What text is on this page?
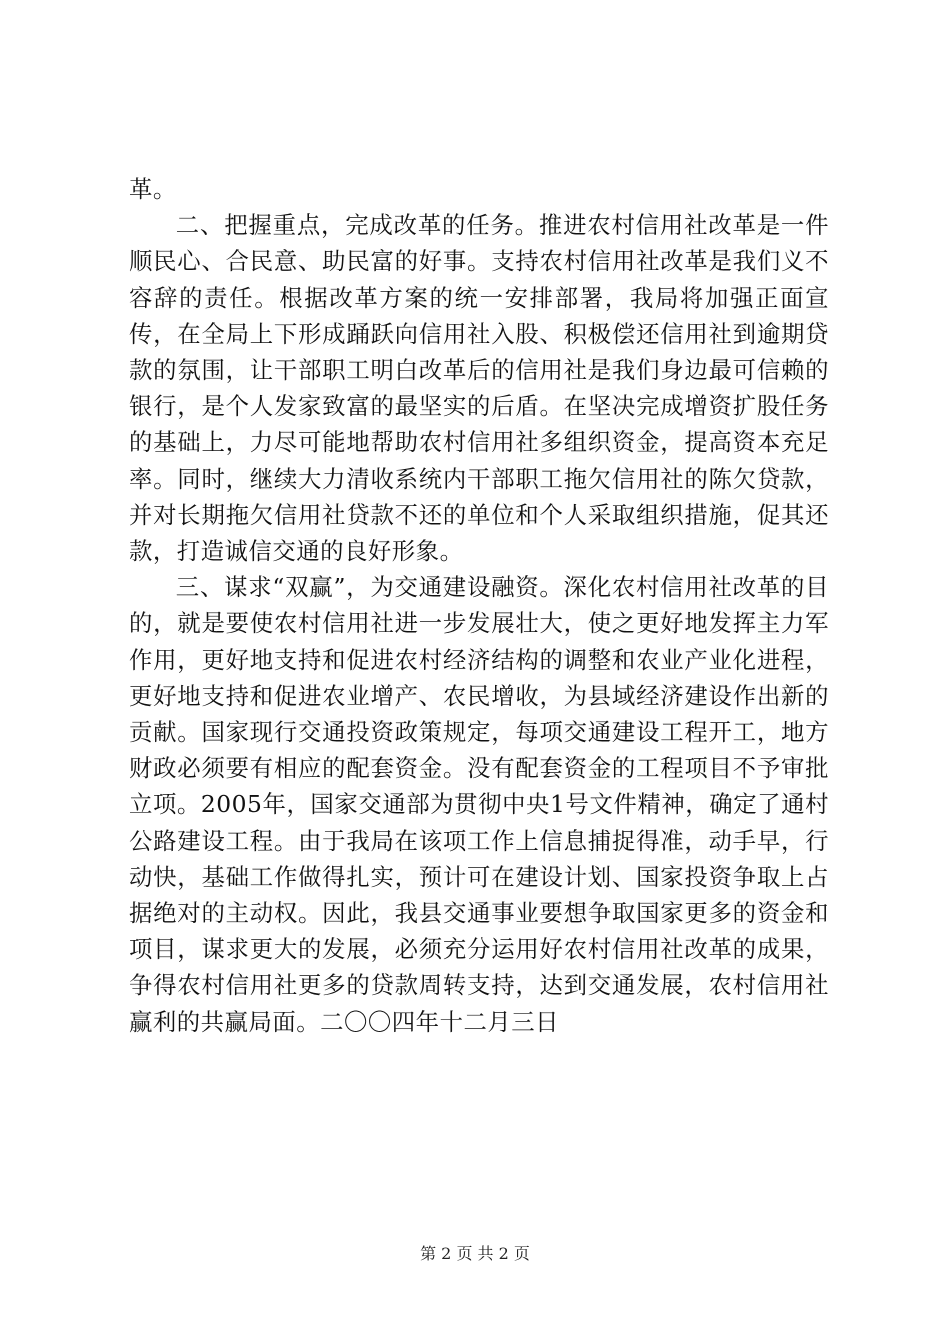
革。

二、把握重点，完成改革的任务。推进农村信用社改革是一件顺民心、合民意、助民富的好事。支持农村信用社改革是我们义不容辞的责任。根据改革方案的统一安排部署，我局将加强正面宣传，在全局上下形成踊跃向信用社入股、积极偿还信用社到逾期贷款的氛围，让干部职工明白改革后的信用社是我们身边最可信赖的银行，是个人发家致富的最坚实的后盾。在坚决完成增资扩股任务的基础上，力尽可能地帮助农村信用社多组织资金，提高资本充足率。同时，继续大力清收系统内干部职工拖欠信用社的陈欠贷款，并对长期拖欠信用社贷款不还的单位和个人采取组织措施，促其还款，打造诚信交通的良好形象。

三、谋求“双赢”，为交通建设融资。深化农村信用社改革的目的，就是要使农村信用社进一步发展壮大，使之更好地发挥主力军作用，更好地支持和促进农村经济结构的调整和农业产业化进程，更好地支持和促进农业增产、农民增收，为县域经济建设作出新的贡献。国家现行交通投资政策规定，每项交通建设工程开工，地方财政必须要有相应的配套资金。没有配套资金的工程项目不予审批立项。2005年，国家交通部为贯彻中央1号文件精神，确定了通村公路建设工程。由于我局在该项工作上信息捕捉得准，动手早，行动快，基础工作做得扎实，预计可在建设计划、国家投资争取上占据绝对的主动权。因此，我县交通事业要想争取国家更多的资金和项目，谋求更大的发展，必须充分运用好农村信用社改革的成果，争得农村信用社更多的贷款周转支持，达到交通发展，农村信用社赢利的共赢局面。二〇〇四年十二月三日

第 2 页 共 2 页
